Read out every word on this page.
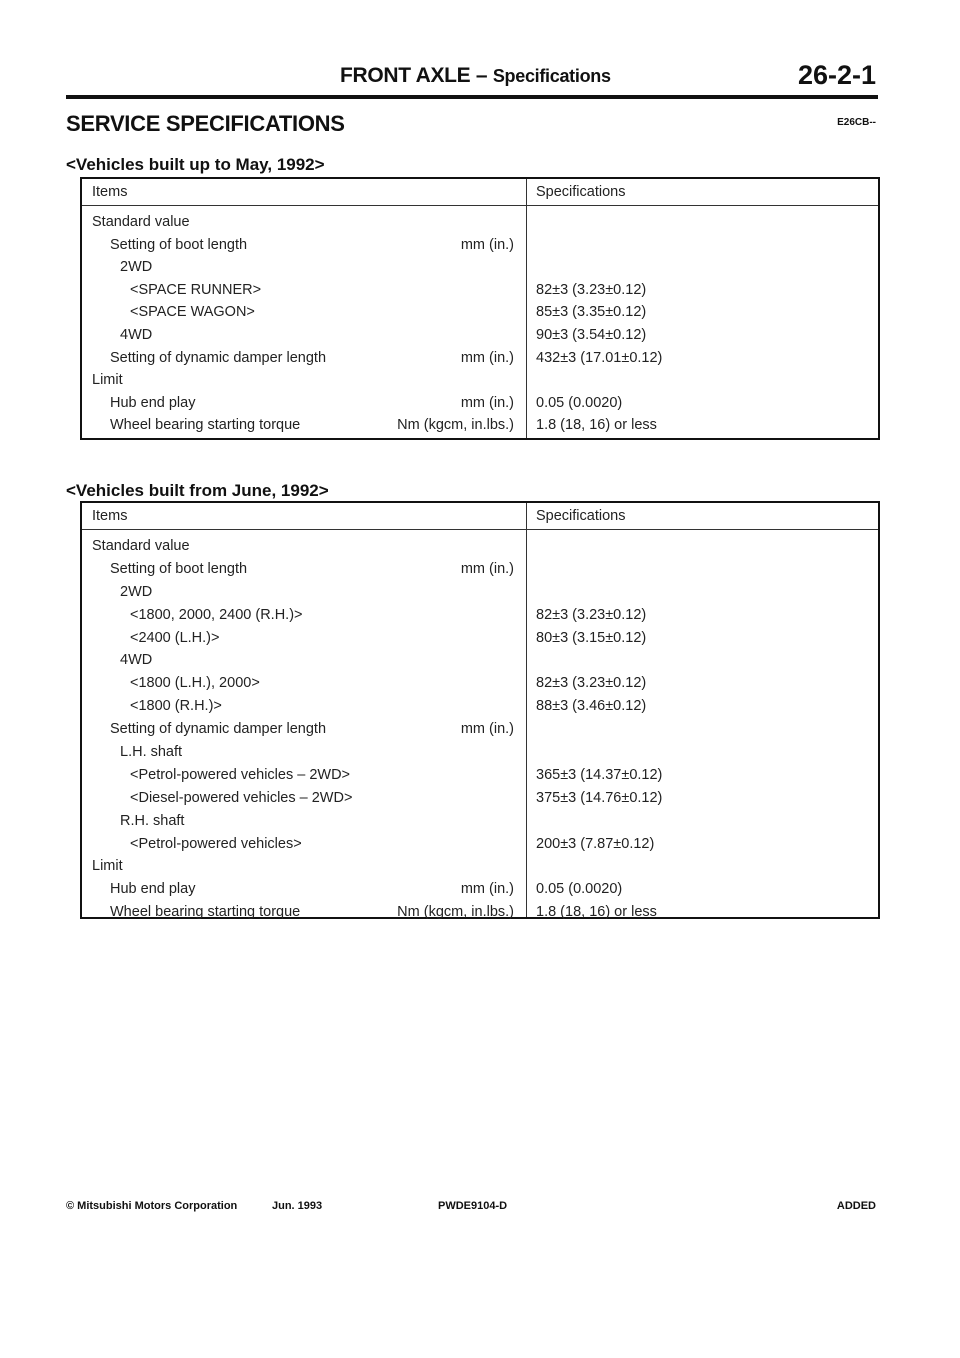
FRONT AXLE – Specifications	26-2-1
SERVICE SPECIFICATIONS	E26CB--
<Vehicles built up to May, 1992>
Items	Specifications
Standard value
Setting of boot length	mm (in.)
2WD
<SPACE RUNNER>	82±3 (3.23±0.12)
<SPACE WAGON>	85±3 (3.35±0.12)
4WD	90±3 (3.54±0.12)
Setting of dynamic damper length	mm (in.) 432±3 (17.01±0.12)
Limit
Hub end play	mm (in.) 0.05 (0.0020)
Wheel bearing starting torque	Nm (kgcm, in.lbs.) 1.8 (18, 16) or less
<Vehicles built from June, 1992>
Items	Specifications
Standard value
Setting of boot length	mm (in.)
2WD
<1800, 2000, 2400 (R.H.)>	82±3 (3.23±0.12)
<2400 (L.H.)>	80±3 (3.15±0.12)
4WD
<1800 (L.H.), 2000>	82±3 (3.23±0.12)
<1800 (R.H.)>	88±3 (3.46±0.12)
Setting of dynamic damper length	mm (in.)
L.H. shaft
<Petrol-powered vehicles – 2WD>	365±3 (14.37±0.12)
<Diesel-powered vehicles – 2WD>	375±3 (14.76±0.12)
R.H. shaft
<Petrol-powered vehicles>	200±3 (7.87±0.12)
Limit
Hub end play	mm (in.) 0.05 (0.0020)
Wheel bearing starting torque	Nm (kgcm, in.lbs.) 1.8 (18, 16) or less
© Mitsubishi Motors Corporation	Jun. 1993	PWDE9104-D	ADDED
